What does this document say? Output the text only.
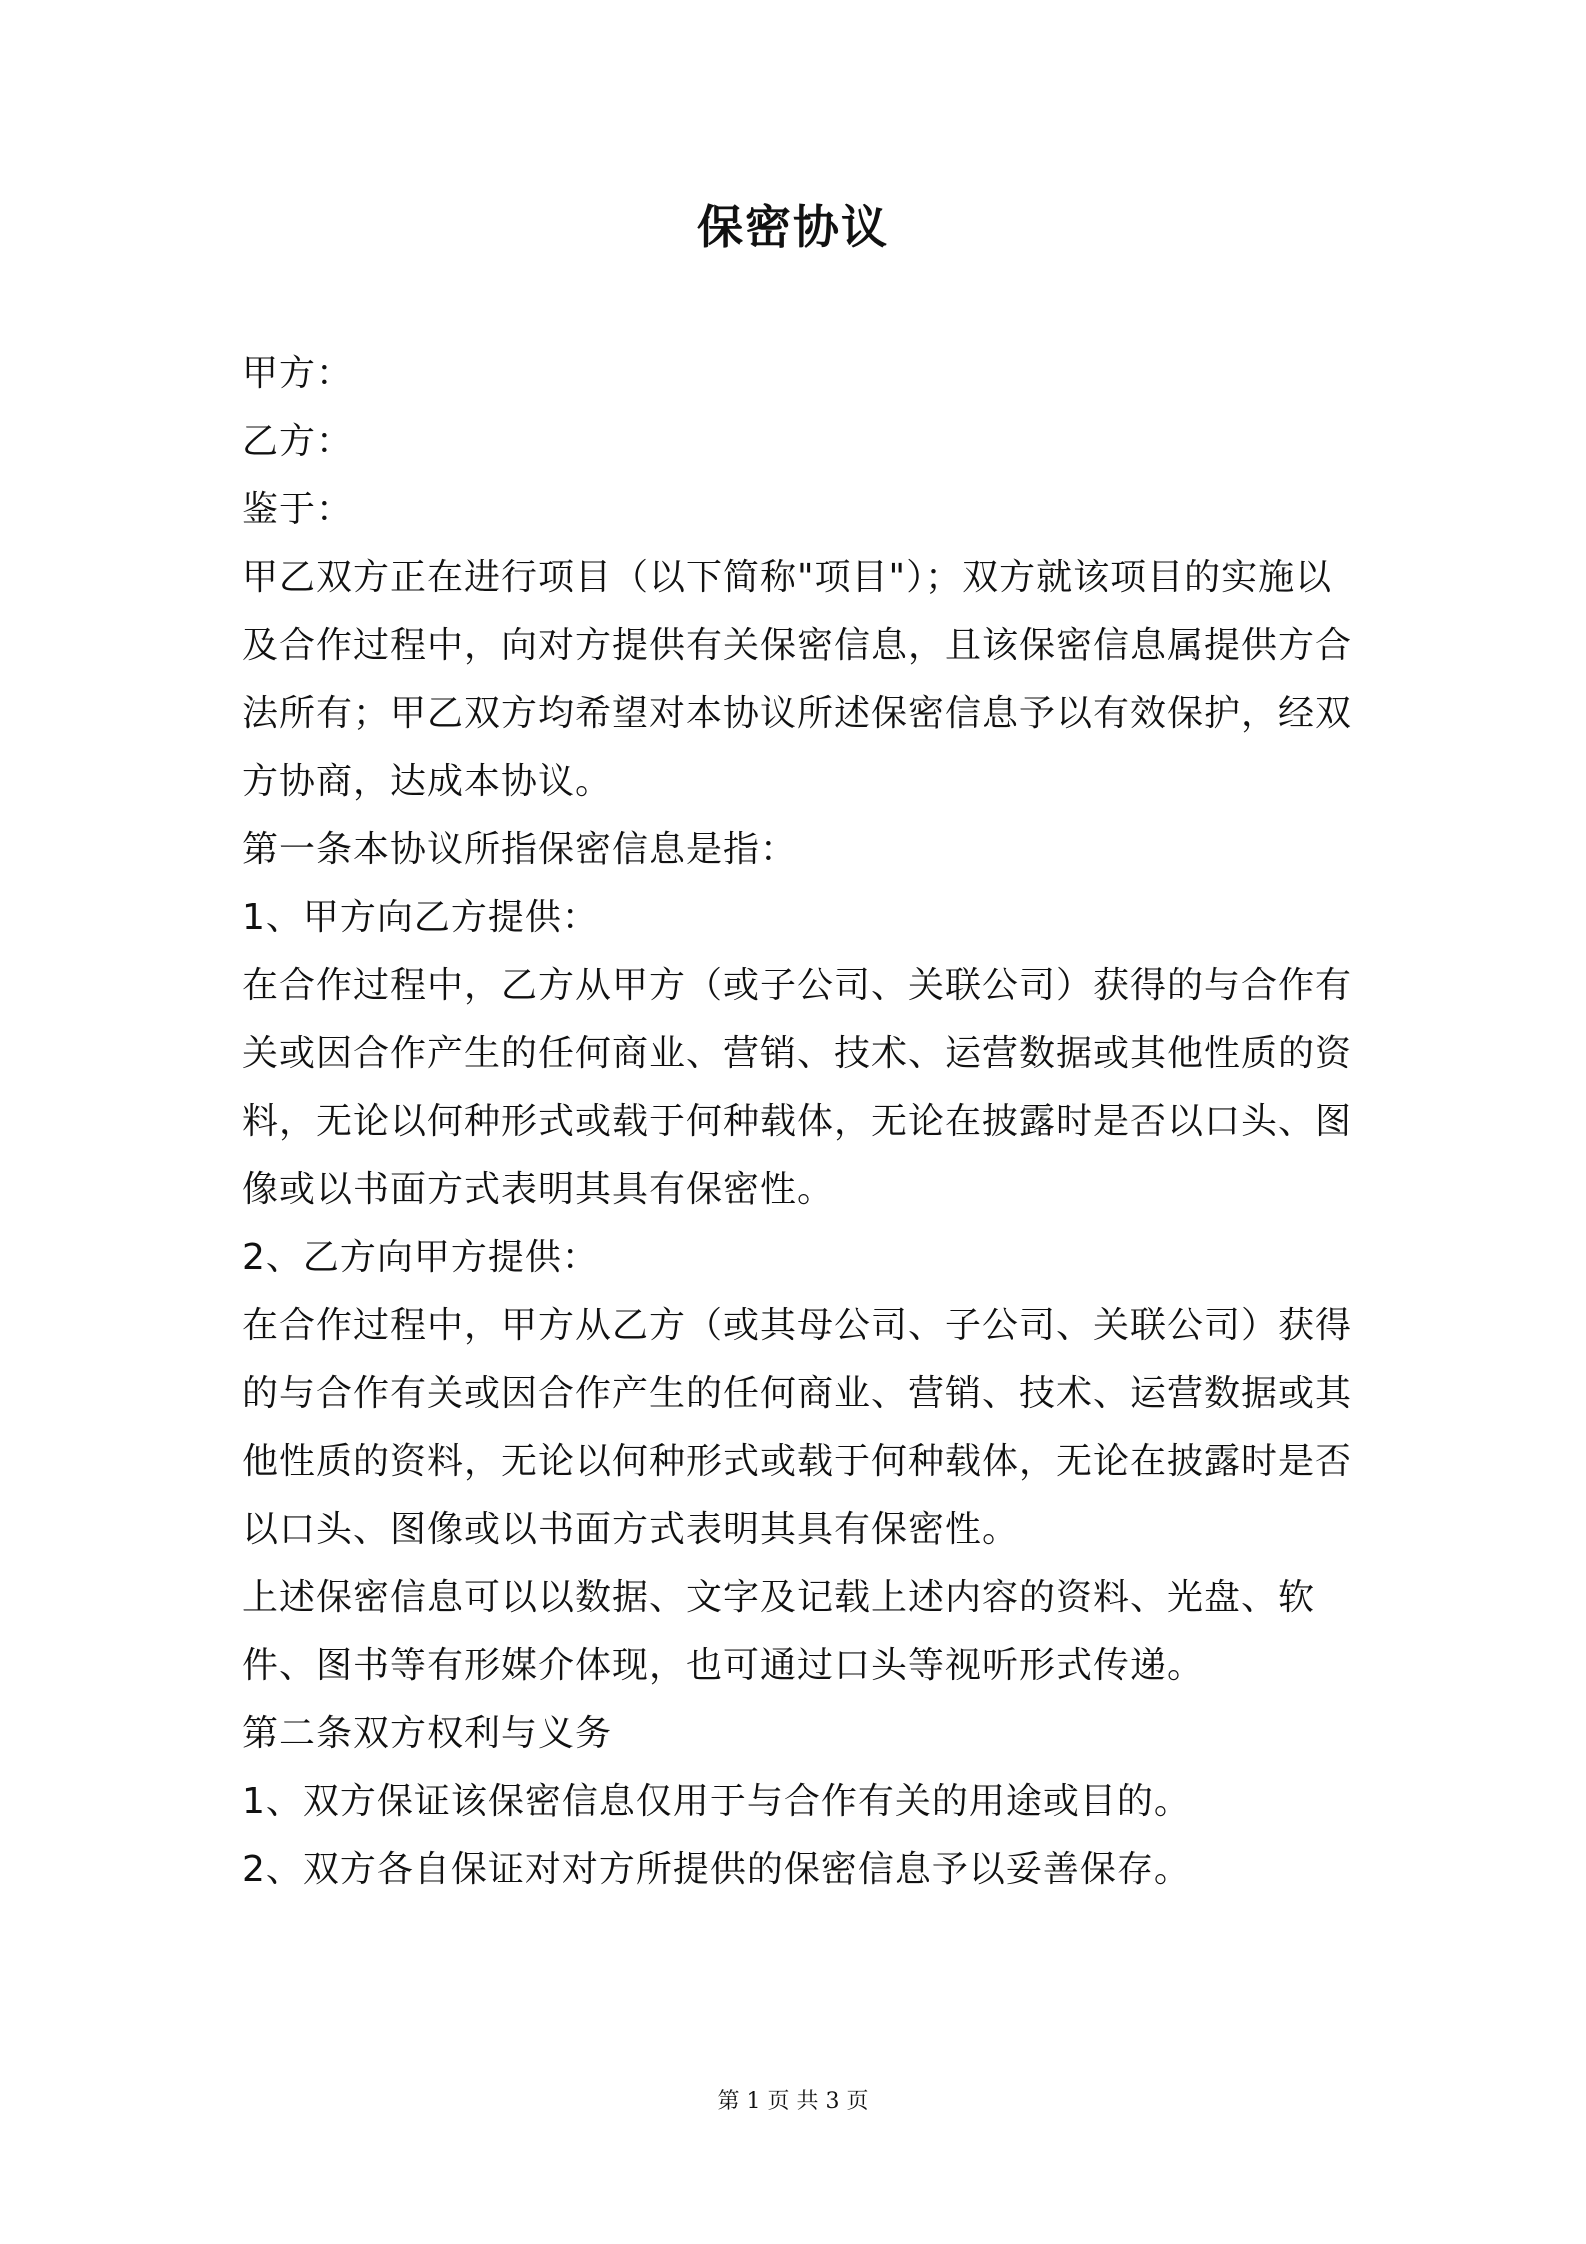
保密协议

甲方：

乙方：

鉴于：

甲乙双方正在进行项目（以下简称"项目"）；双方就该项目的实施以及合作过程中，向对方提供有关保密信息，且该保密信息属提供方合法所有；甲乙双方均希望对本协议所述保密信息予以有效保护，经双方协商，达成本协议。

第一条本协议所指保密信息是指：

1、甲方向乙方提供：

在合作过程中，乙方从甲方（或子公司、关联公司）获得的与合作有关或因合作产生的任何商业、营销、技术、运营数据或其他性质的资料，无论以何种形式或载于何种载体，无论在披露时是否以口头、图像或以书面方式表明其具有保密性。

2、乙方向甲方提供：

在合作过程中，甲方从乙方（或其母公司、子公司、关联公司）获得的与合作有关或因合作产生的任何商业、营销、技术、运营数据或其他性质的资料，无论以何种形式或载于何种载体，无论在披露时是否以口头、图像或以书面方式表明其具有保密性。

上述保密信息可以以数据、文字及记载上述内容的资料、光盘、软件、图书等有形媒介体现，也可通过口头等视听形式传递。

第二条双方权利与义务

1、双方保证该保密信息仅用于与合作有关的用途或目的。

2、双方各自保证对对方所提供的保密信息予以妥善保存。

第 1 页 共 3 页
